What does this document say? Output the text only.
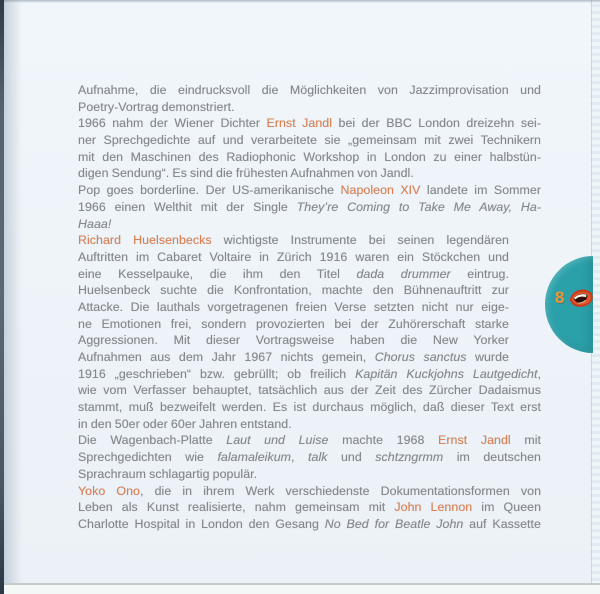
Aufnahme, die eindrucksvoll die Möglichkeiten von Jazzimprovisation und
Poetry-Vortrag demonstriert.
1966 nahm der Wiener Dichter Ernst Jandl bei der BBC London dreizehn sei-
ner Sprechgedichte auf und verarbeitete sie „gemeinsam mit zwei Technikern
mit den Maschinen des Radiophonic Workshop in London zu einer halbstün-
digen Sendung“. Es sind die frühesten Aufnahmen von Jandl.
Pop goes borderline. Der US-amerikanische Napoleon XIV landete im Sommer
1966 einen Welthit mit der Single They’re Coming to Take Me Away, Ha-
Haaa!
Richard Huelsenbecks wichtigste Instrumente bei seinen legendären
Auftritten im Cabaret Voltaire in Zürich 1916 waren ein Stöckchen und
eine Kesselpauke, die ihm den Titel dada drummer eintrug.
Huelsenbeck suchte die Konfrontation, machte den Bühnenauftritt zur
Attacke. Die lauthals vorgetragenen freien Verse setzten nicht nur eige-
ne Emotionen frei, sondern provozierten bei der Zuhörerschaft starke
Aggressionen. Mit dieser Vortragsweise haben die New Yorker
Aufnahmen aus dem Jahr 1967 nichts gemein, Chorus sanctus wurde
1916 „geschrieben“ bzw. gebrüllt; ob freilich Kapitän Kuckjohns Lautgedicht,
wie vom Verfasser behauptet, tatsächlich aus der Zeit des Zürcher Dadaismus
stammt, muß bezweifelt werden. Es ist durchaus möglich, daß dieser Text erst
in den 50er oder 60er Jahren entstand.
Die Wagenbach-Platte Laut und Luise machte 1968 Ernst Jandl mit
Sprechgedichten wie falamaleikum, talk und schtzngrmm im deutschen
Sprachraum schlagartig populär.
Yoko Ono, die in ihrem Werk verschiedenste Dokumentationsformen von
Leben als Kunst realisierte, nahm gemeinsam mit John Lennon im Queen
Charlotte Hospital in London den Gesang No Bed for Beatle John auf Kassette
8
